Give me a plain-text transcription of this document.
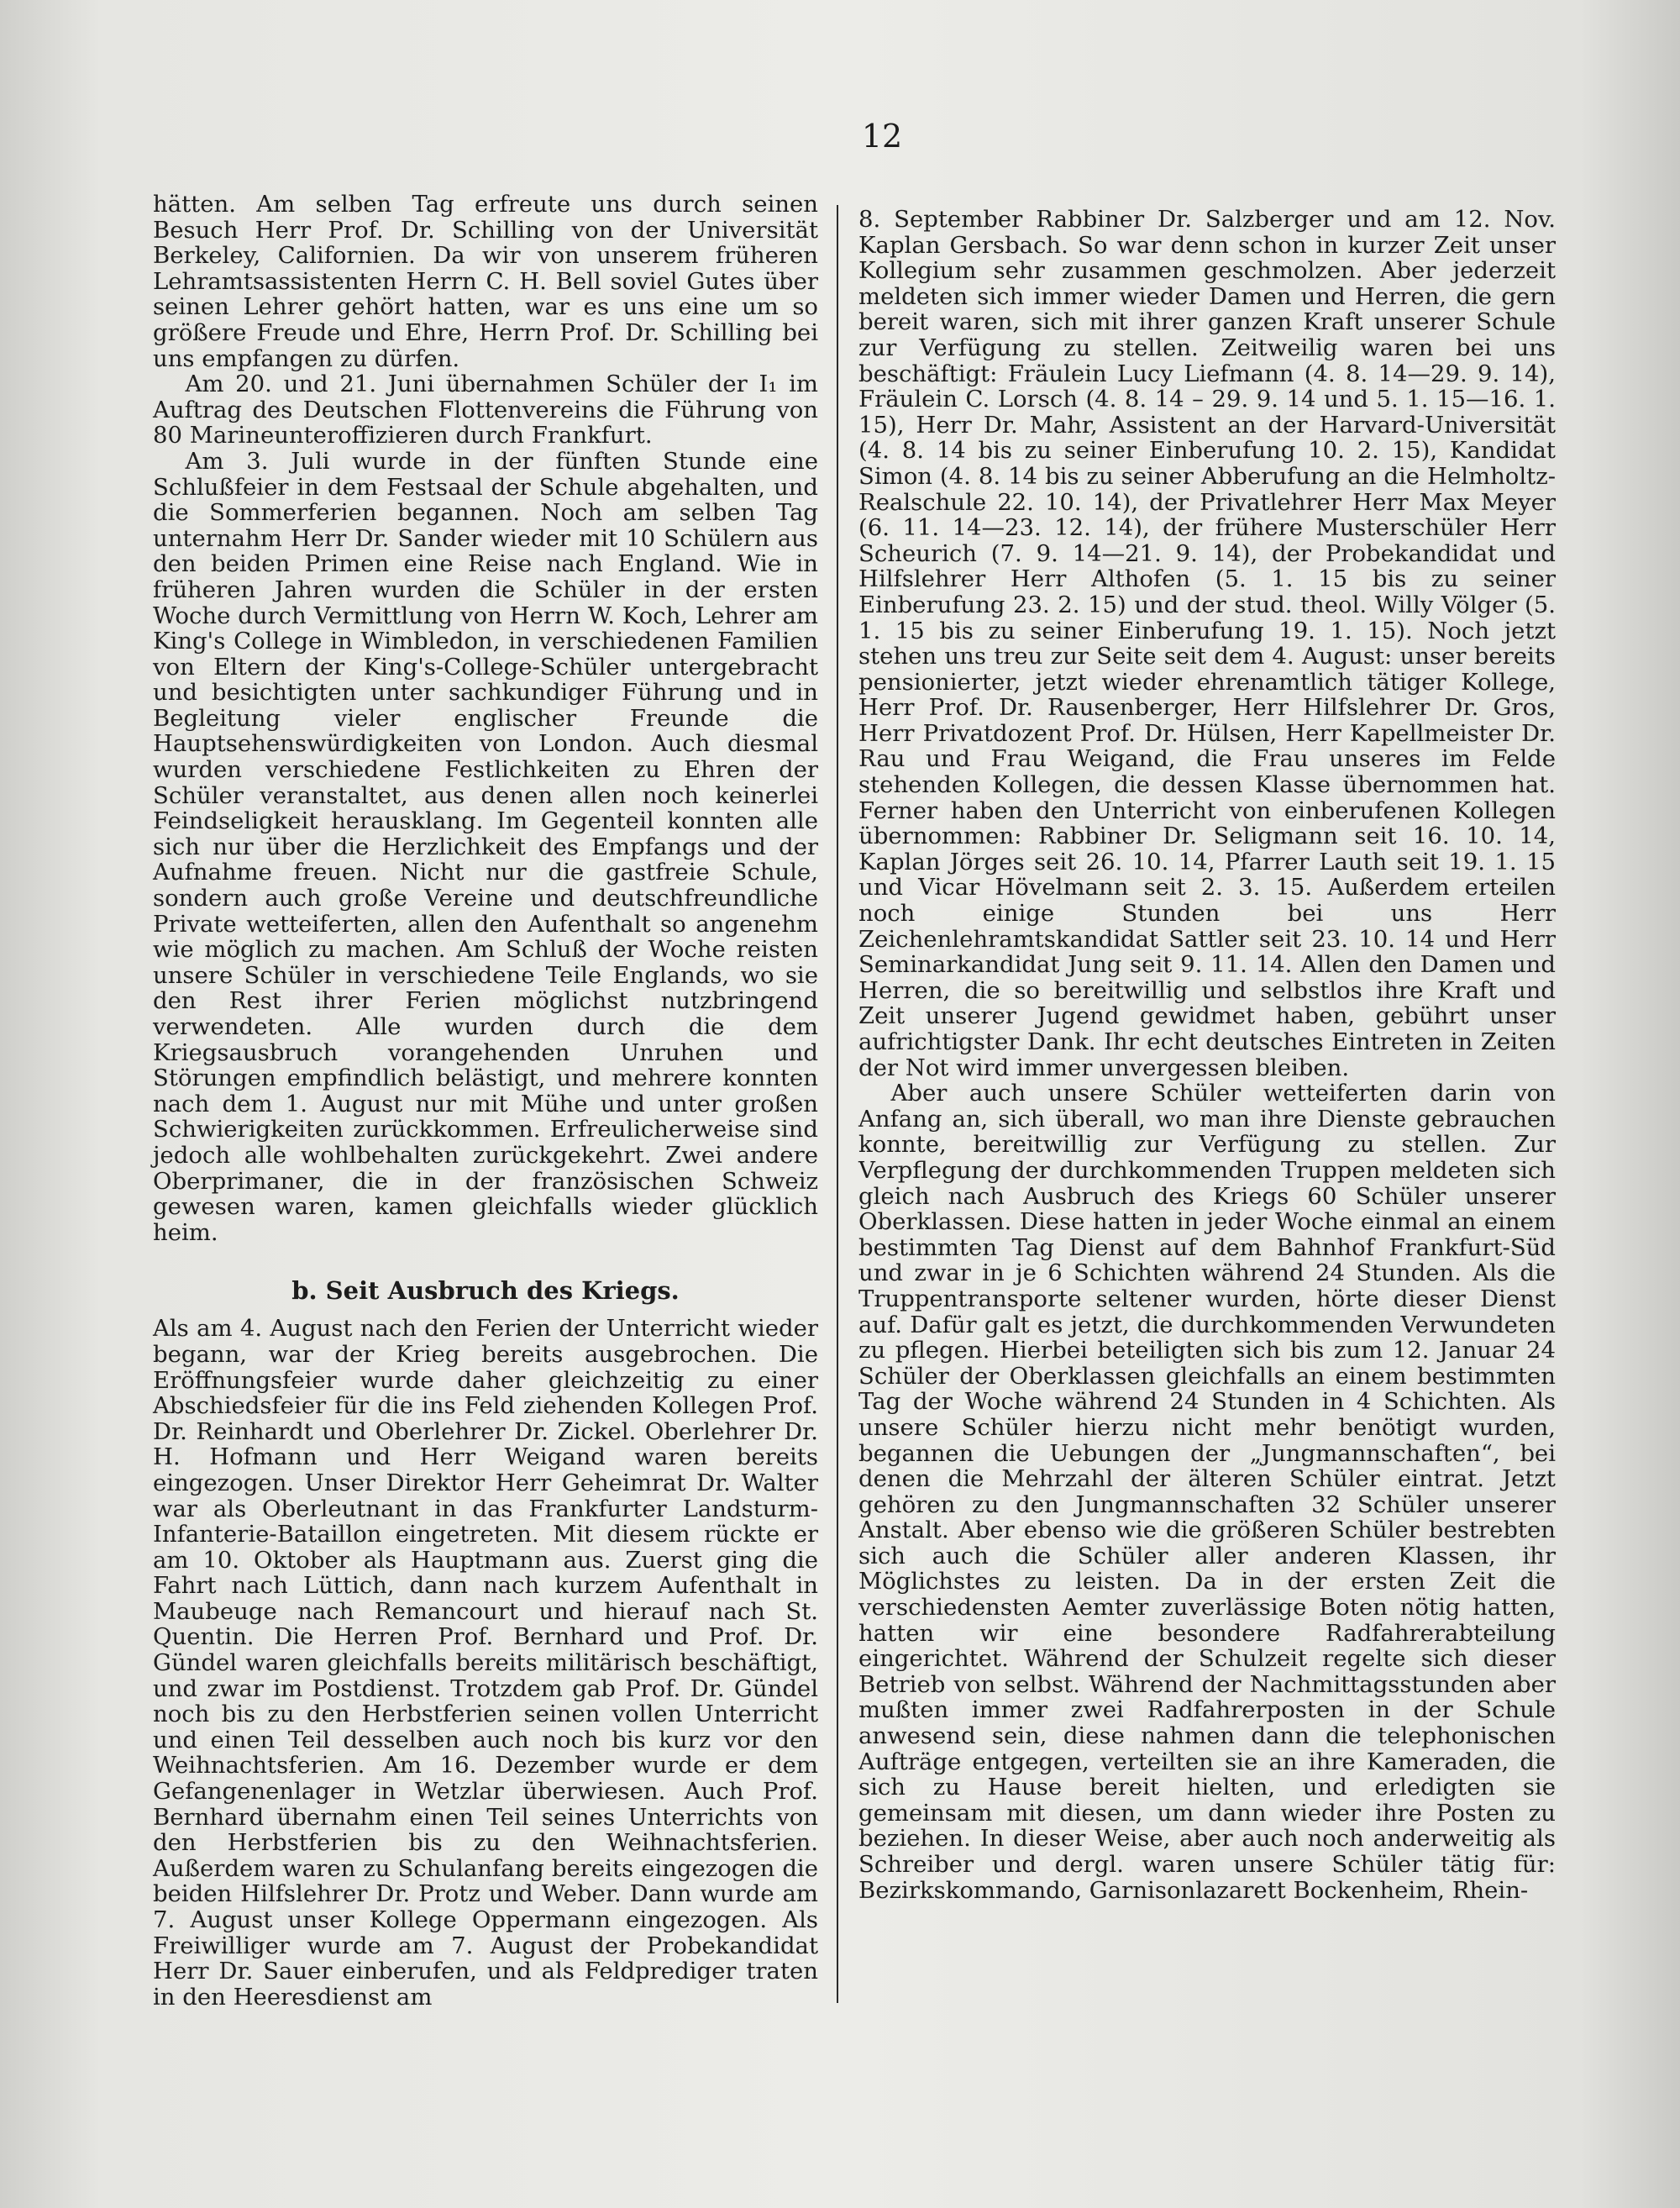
12

hätten. Am selben Tag erfreute uns durch seinen Besuch Herr Prof. Dr. Schilling von der Universität Berkeley, Californien. Da wir von unserem früheren Lehramtsassistenten Herrn C. H. Bell soviel Gutes über seinen Lehrer gehört hatten, war es uns eine um so größere Freude und Ehre, Herrn Prof. Dr. Schilling bei uns empfangen zu dürfen.

Am 20. und 21. Juni übernahmen Schüler der I₁ im Auftrag des Deutschen Flottenvereins die Führung von 80 Marineunteroffizieren durch Frankfurt.

Am 3. Juli wurde in der fünften Stunde eine Schlußfeier in dem Festsaal der Schule abgehalten, und die Sommerferien begannen. Noch am selben Tag unternahm Herr Dr. Sander wieder mit 10 Schülern aus den beiden Primen eine Reise nach England. Wie in früheren Jahren wurden die Schüler in der ersten Woche durch Vermittlung von Herrn W. Koch, Lehrer am King's College in Wimbledon, in verschiedenen Familien von Eltern der King's-College-Schüler untergebracht und besichtigten unter sachkundiger Führung und in Begleitung vieler englischer Freunde die Hauptsehenswürdigkeiten von London. Auch diesmal wurden verschiedene Festlichkeiten zu Ehren der Schüler veranstaltet, aus denen allen noch keinerlei Feindseligkeit herausklang. Im Gegenteil konnten alle sich nur über die Herzlichkeit des Empfangs und der Aufnahme freuen. Nicht nur die gastfreie Schule, sondern auch große Vereine und deutschfreundliche Private wetteiferten, allen den Aufenthalt so angenehm wie möglich zu machen. Am Schluß der Woche reisten unsere Schüler in verschiedene Teile Englands, wo sie den Rest ihrer Ferien möglichst nutzbringend verwendeten. Alle wurden durch die dem Kriegsausbruch vorangehenden Unruhen und Störungen empfindlich belästigt, und mehrere konnten nach dem 1. August nur mit Mühe und unter großen Schwierigkeiten zurückkommen. Erfreulicherweise sind jedoch alle wohlbehalten zurückgekehrt. Zwei andere Oberprimaner, die in der französischen Schweiz gewesen waren, kamen gleichfalls wieder glücklich heim.

b. Seit Ausbruch des Kriegs.

Als am 4. August nach den Ferien der Unterricht wieder begann, war der Krieg bereits ausgebrochen. Die Eröffnungsfeier wurde daher gleichzeitig zu einer Abschiedsfeier für die ins Feld ziehenden Kollegen Prof. Dr. Reinhardt und Oberlehrer Dr. Zickel. Oberlehrer Dr. H. Hofmann und Herr Weigand waren bereits eingezogen. Unser Direktor Herr Geheimrat Dr. Walter war als Oberleutnant in das Frankfurter Landsturm-Infanterie-Bataillon eingetreten. Mit diesem rückte er am 10. Oktober als Hauptmann aus. Zuerst ging die Fahrt nach Lüttich, dann nach kurzem Aufenthalt in Maubeuge nach Remancourt und hierauf nach St. Quentin. Die Herren Prof. Bernhard und Prof. Dr. Gündel waren gleichfalls bereits militärisch beschäftigt, und zwar im Postdienst. Trotzdem gab Prof. Dr. Gündel noch bis zu den Herbstferien seinen vollen Unterricht und einen Teil desselben auch noch bis kurz vor den Weihnachtsferien. Am 16. Dezember wurde er dem Gefangenenlager in Wetzlar überwiesen. Auch Prof. Bernhard übernahm einen Teil seines Unterrichts von den Herbstferien bis zu den Weihnachtsferien. Außerdem waren zu Schulanfang bereits eingezogen die beiden Hilfslehrer Dr. Protz und Weber. Dann wurde am 7. August unser Kollege Oppermann eingezogen. Als Freiwilliger wurde am 7. August der Probekandidat Herr Dr. Sauer einberufen, und als Feldprediger traten in den Heeresdienst am

8. September Rabbiner Dr. Salzberger und am 12. Nov. Kaplan Gersbach. So war denn schon in kurzer Zeit unser Kollegium sehr zusammen geschmolzen. Aber jederzeit meldeten sich immer wieder Damen und Herren, die gern bereit waren, sich mit ihrer ganzen Kraft unserer Schule zur Verfügung zu stellen. Zeitweilig waren bei uns beschäftigt: Fräulein Lucy Liefmann (4. 8. 14—29. 9. 14), Fräulein C. Lorsch (4. 8. 14 – 29. 9. 14 und 5. 1. 15—16. 1. 15), Herr Dr. Mahr, Assistent an der Harvard-Universität (4. 8. 14 bis zu seiner Einberufung 10. 2. 15), Kandidat Simon (4. 8. 14 bis zu seiner Abberufung an die Helmholtz-Realschule 22. 10. 14), der Privatlehrer Herr Max Meyer (6. 11. 14—23. 12. 14), der frühere Musterschüler Herr Scheurich (7. 9. 14—21. 9. 14), der Probekandidat und Hilfslehrer Herr Althofen (5. 1. 15 bis zu seiner Einberufung 23. 2. 15) und der stud. theol. Willy Völger (5. 1. 15 bis zu seiner Einberufung 19. 1. 15). Noch jetzt stehen uns treu zur Seite seit dem 4. August: unser bereits pensionierter, jetzt wieder ehrenamtlich tätiger Kollege, Herr Prof. Dr. Rausenberger, Herr Hilfslehrer Dr. Gros, Herr Privatdozent Prof. Dr. Hülsen, Herr Kapellmeister Dr. Rau und Frau Weigand, die Frau unseres im Felde stehenden Kollegen, die dessen Klasse übernommen hat. Ferner haben den Unterricht von einberufenen Kollegen übernommen: Rabbiner Dr. Seligmann seit 16. 10. 14, Kaplan Jörges seit 26. 10. 14, Pfarrer Lauth seit 19. 1. 15 und Vicar Hövelmann seit 2. 3. 15. Außerdem erteilen noch einige Stunden bei uns Herr Zeichenlehramtskandidat Sattler seit 23. 10. 14 und Herr Seminarkandidat Jung seit 9. 11. 14. Allen den Damen und Herren, die so bereitwillig und selbstlos ihre Kraft und Zeit unserer Jugend gewidmet haben, gebührt unser aufrichtigster Dank. Ihr echt deutsches Eintreten in Zeiten der Not wird immer unvergessen bleiben.

Aber auch unsere Schüler wetteiferten darin von Anfang an, sich überall, wo man ihre Dienste gebrauchen konnte, bereitwillig zur Verfügung zu stellen. Zur Verpflegung der durchkommenden Truppen meldeten sich gleich nach Ausbruch des Kriegs 60 Schüler unserer Oberklassen. Diese hatten in jeder Woche einmal an einem bestimmten Tag Dienst auf dem Bahnhof Frankfurt-Süd und zwar in je 6 Schichten während 24 Stunden. Als die Truppentransporte seltener wurden, hörte dieser Dienst auf. Dafür galt es jetzt, die durchkommenden Verwundeten zu pflegen. Hierbei beteiligten sich bis zum 12. Januar 24 Schüler der Oberklassen gleichfalls an einem bestimmten Tag der Woche während 24 Stunden in 4 Schichten. Als unsere Schüler hierzu nicht mehr benötigt wurden, begannen die Uebungen der „Jungmannschaften“, bei denen die Mehrzahl der älteren Schüler eintrat. Jetzt gehören zu den Jungmannschaften 32 Schüler unserer Anstalt. Aber ebenso wie die größeren Schüler bestrebten sich auch die Schüler aller anderen Klassen, ihr Möglichstes zu leisten. Da in der ersten Zeit die verschiedensten Aemter zuverlässige Boten nötig hatten, hatten wir eine besondere Radfahrerabteilung eingerichtet. Während der Schulzeit regelte sich dieser Betrieb von selbst. Während der Nachmittagsstunden aber mußten immer zwei Radfahrerposten in der Schule anwesend sein, diese nahmen dann die telephonischen Aufträge entgegen, verteilten sie an ihre Kameraden, die sich zu Hause bereit hielten, und erledigten sie gemeinsam mit diesen, um dann wieder ihre Posten zu beziehen. In dieser Weise, aber auch noch anderweitig als Schreiber und dergl. waren unsere Schüler tätig für: Bezirkskommando, Garnisonlazarett Bockenheim, Rhein-
